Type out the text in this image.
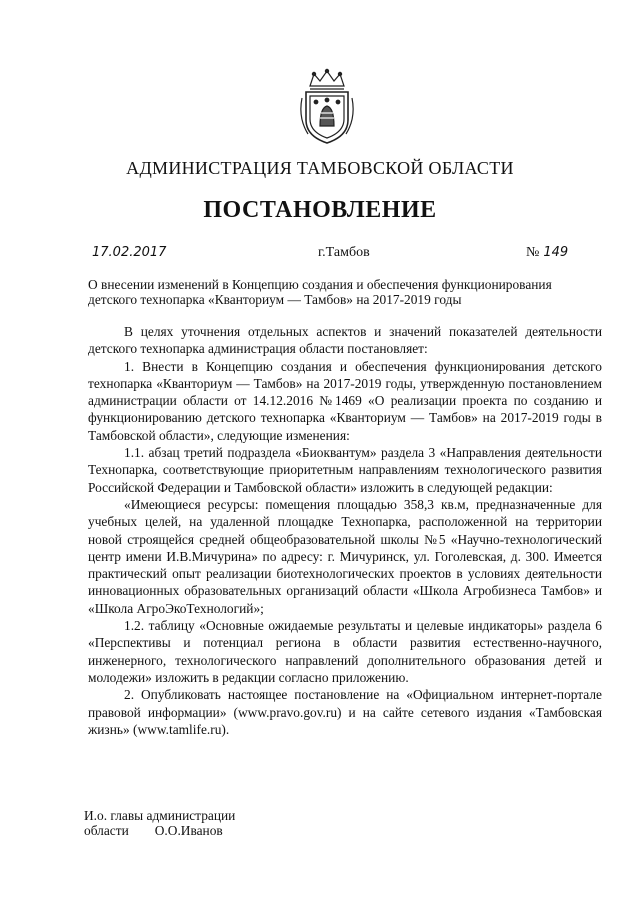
АДМИНИСТРАЦИЯ ТАМБОВСКОЙ ОБЛАСТИ
ПОСТАНОВЛЕНИЕ
17.02.2017	г.Тамбов	№ 149
О внесении изменений в Концепцию создания и обеспечения функционирования
детского технопарка «Кванториум — Тамбов» на 2017-2019 годы

В целях уточнения отдельных аспектов и значений показателей деятельности детского технопарка администрация области постановляет:

1. Внести в Концепцию создания и обеспечения функционирования детского технопарка «Кванториум — Тамбов» на 2017-2019 годы, утвержденную постановлением администрации области от 14.12.2016 №1469 «О реализации проекта по созданию и функционированию детского технопарка «Кванториум — Тамбов» на 2017-2019 годы в Тамбовской области», следующие изменения:

1.1. абзац третий подраздела «Биоквантум» раздела 3 «Направления деятельности Технопарка, соответствующие приоритетным направлениям технологического развития Российской Федерации и Тамбовской области» изложить в следующей редакции:

«Имеющиеся ресурсы: помещения площадью 358,3 кв.м, предназначенные для учебных целей, на удаленной площадке Технопарка, расположенной на территории новой строящейся средней общеобразовательной школы №5 «Научно-технологический центр имени И.В.Мичурина» по адресу: г. Мичуринск, ул. Гоголевская, д. 300. Имеется практический опыт реализации биотехнологических проектов в условиях деятельности инновационных образовательных организаций области «Школа Агробизнеса Тамбов» и «Школа АгроЭкоТехнологий»;

1.2. таблицу «Основные ожидаемые результаты и целевые индикаторы» раздела 6 «Перспективы и потенциал региона в области развития естественно-научного, инженерного, технологического направлений дополнительного образования детей и молодежи» изложить в редакции согласно приложению.

2. Опубликовать настоящее постановление на «Официальном интернет-портале правовой информации» (www.pravo.gov.ru) и на сайте сетевого издания «Тамбовская жизнь» (www.tamlife.ru).

И.о. главы администрации
области О.О.Иванов
